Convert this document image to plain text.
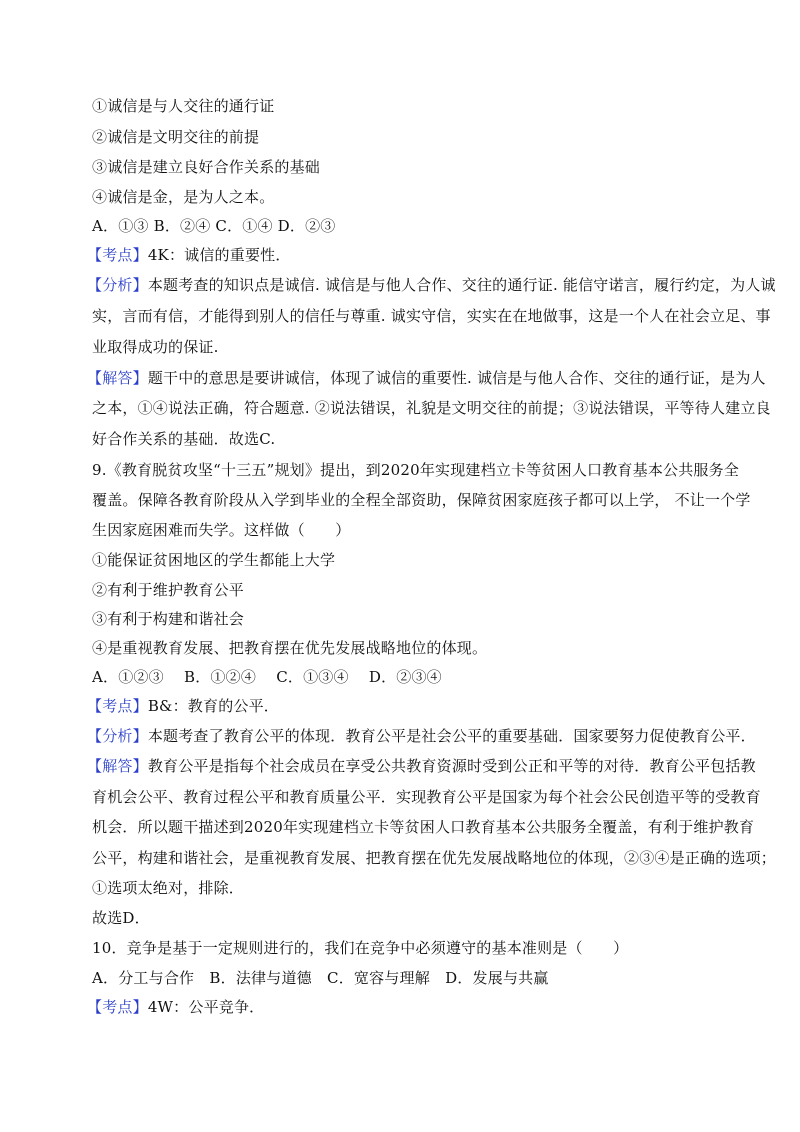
①诚信是与人交往的通行证
②诚信是文明交往的前提
③诚信是建立良好合作关系的基础
④诚信是金，是为人之本。
A．①③ B．②④ C．①④ D．②③
【考点】4K：诚信的重要性．
【分析】本题考查的知识点是诚信. 诚信是与他人合作、交往的通行证. 能信守诺言，履行约定，为人诚
实，言而有信，才能得到别人的信任与尊重. 诚实守信，实实在在地做事，这是一个人在社会立足、事
业取得成功的保证.
【解答】题干中的意思是要讲诚信，体现了诚信的重要性. 诚信是与他人合作、交往的通行证，是为人
之本，①④说法正确，符合题意. ②说法错误，礼貌是文明交往的前提；③说法错误，平等待人建立良
好合作关系的基础．故选C.
9.《教育脱贫攻坚“十三五”规划》提出，到2020年实现建档立卡等贫困人口教育基本公共服务全
覆盖。保障各教育阶段从入学到毕业的全程全部资助，保障贫困家庭孩子都可以上学， 不让一个学
生因家庭困难而失学。这样做（　　）
①能保证贫困地区的学生都能上大学
②有利于维护教育公平
③有利于构建和谐社会
④是重视教育发展、把教育摆在优先发展战略地位的体现。
A．①②③　 B．①②④　 C．①③④　 D．②③④
【考点】B&：教育的公平．
【分析】本题考查了教育公平的体现．教育公平是社会公平的重要基础．国家要努力促使教育公平．
【解答】教育公平是指每个社会成员在享受公共教育资源时受到公正和平等的对待．教育公平包括教
育机会公平、教育过程公平和教育质量公平．实现教育公平是国家为每个社会公民创造平等的受教育
机会．所以题干描述到2020年实现建档立卡等贫困人口教育基本公共服务全覆盖，有利于维护教育
公平，构建和谐社会，是重视教育发展、把教育摆在优先发展战略地位的体现，②③④是正确的选项；
①选项太绝对，排除．
故选D．
10．竞争是基于一定规则进行的，我们在竞争中必须遵守的基本准则是（　　）
A．分工与合作　B．法律与道德　C．宽容与理解　D．发展与共赢
【考点】4W：公平竞争．
